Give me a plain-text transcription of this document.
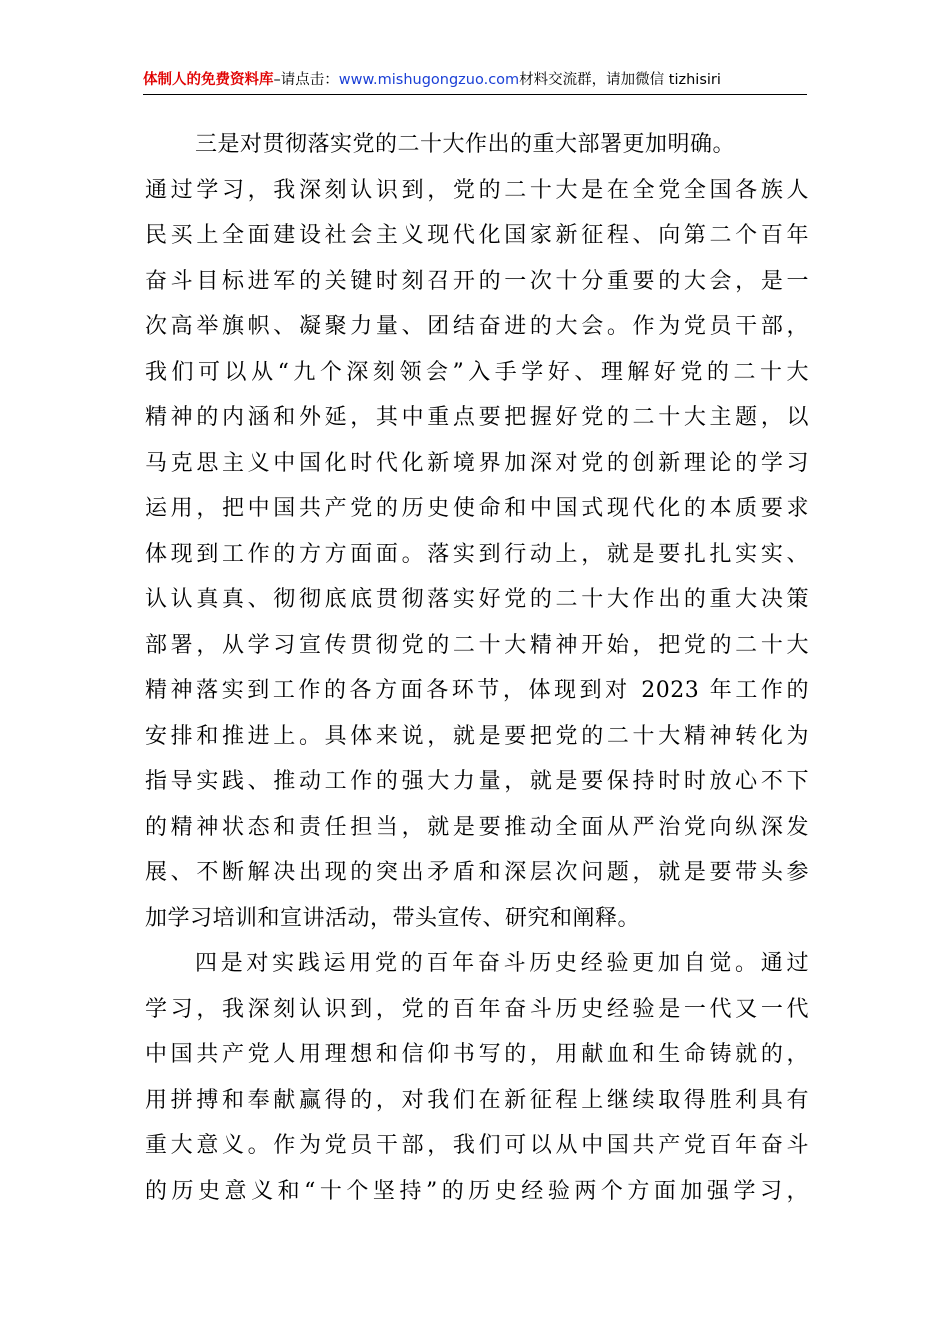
体制人的免费资料库–请点击：www.mishugongzuo.com材料交流群，请加微信 tizhisiri
三是对贯彻落实党的二十大作出的重大部署更加明确。
通过学习，我深刻认识到，党的二十大是在全党全国各族人
民买上全面建设社会主义现代化国家新征程、向第二个百年
奋斗目标进军的关键时刻召开的一次十分重要的大会，是一
次高举旗帜、凝聚力量、团结奋进的大会。作为党员干部，
我们可以从“九个深刻领会”入手学好、理解好党的二十大
精神的内涵和外延，其中重点要把握好党的二十大主题，以
马克思主义中国化时代化新境界加深对党的创新理论的学习
运用，把中国共产党的历史使命和中国式现代化的本质要求
体现到工作的方方面面。落实到行动上，就是要扎扎实实、
认认真真、彻彻底底贯彻落实好党的二十大作出的重大决策
部署，从学习宣传贯彻党的二十大精神开始，把党的二十大
精神落实到工作的各方面各环节，体现到对 2023 年工作的
安排和推进上。具体来说，就是要把党的二十大精神转化为
指导实践、推动工作的强大力量，就是要保持时时放心不下
的精神状态和责任担当，就是要推动全面从严治党向纵深发
展、不断解决出现的突出矛盾和深层次问题，就是要带头参
加学习培训和宣讲活动，带头宣传、研究和阐释。
四是对实践运用党的百年奋斗历史经验更加自觉。通过
学习，我深刻认识到，党的百年奋斗历史经验是一代又一代
中国共产党人用理想和信仰书写的，用献血和生命铸就的，
用拼搏和奉献赢得的，对我们在新征程上继续取得胜利具有
重大意义。作为党员干部，我们可以从中国共产党百年奋斗
的历史意义和“十个坚持”的历史经验两个方面加强学习，
